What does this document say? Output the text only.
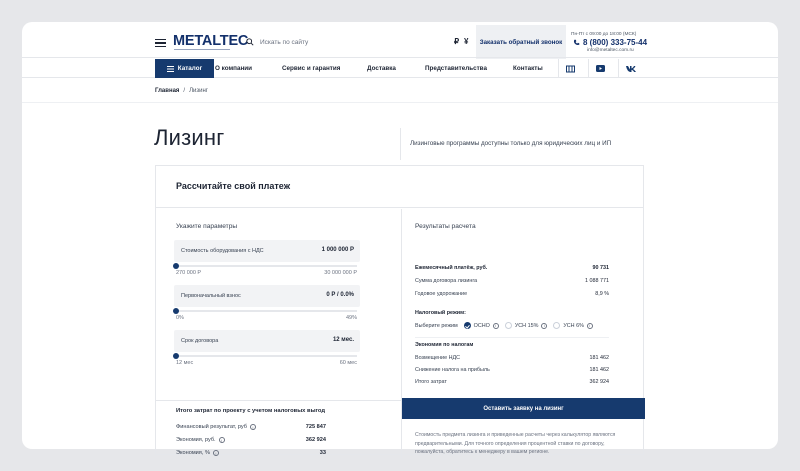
METALTEC
Искать по сайту	₽ ¥	Заказать обратный звонок
Пн-Пт с 09:00 до 18:00 (МСК)
8 (800) 333-75-44
info@metaltec.com.ru
Каталог О компании	Сервис и гарантия	Доставка	Представительства	Контакты
Главная / Лизинг
Лизинг	Лизинговые программы доступны только для юридических лиц и ИП
Рассчитайте свой платеж
Укажите параметры
Стоимость оборудования с НДС	1 000 000 Р
270 000 Р	30 000 000 Р
Первоначальный взнос	0 Р / 0.0%
0%	49%
Срок договора	12 мес.
12 мес	60 мес
Итого затрат по проекту с учетом налоговых выгод
Финансовый результат, руб	i	725 847
Экономия, руб.	i	362 924
Экономия, %	i	33
Результаты расчета
Ежемесячный платёж, руб.	90 731
Сумма договора лизинга	1 088 771
Годовое удорожание	8,9 %
Налоговый режим:
Выберите режим	ОСНО	i	УСН 15%	i	УСН 6%	i
Экономия по налогам
Возмещение НДС	181 462
Снижение налога на прибыль	181 462
Итого затрат	362 924
Оставить заявку на лизинг
Стоимость предмета лизинга и приведенные расчеты через калькулятор являются предварительными. Для точного определения процентной ставки по договору, пожалуйста, обратитесь к менеджеру в вашем регионе.
